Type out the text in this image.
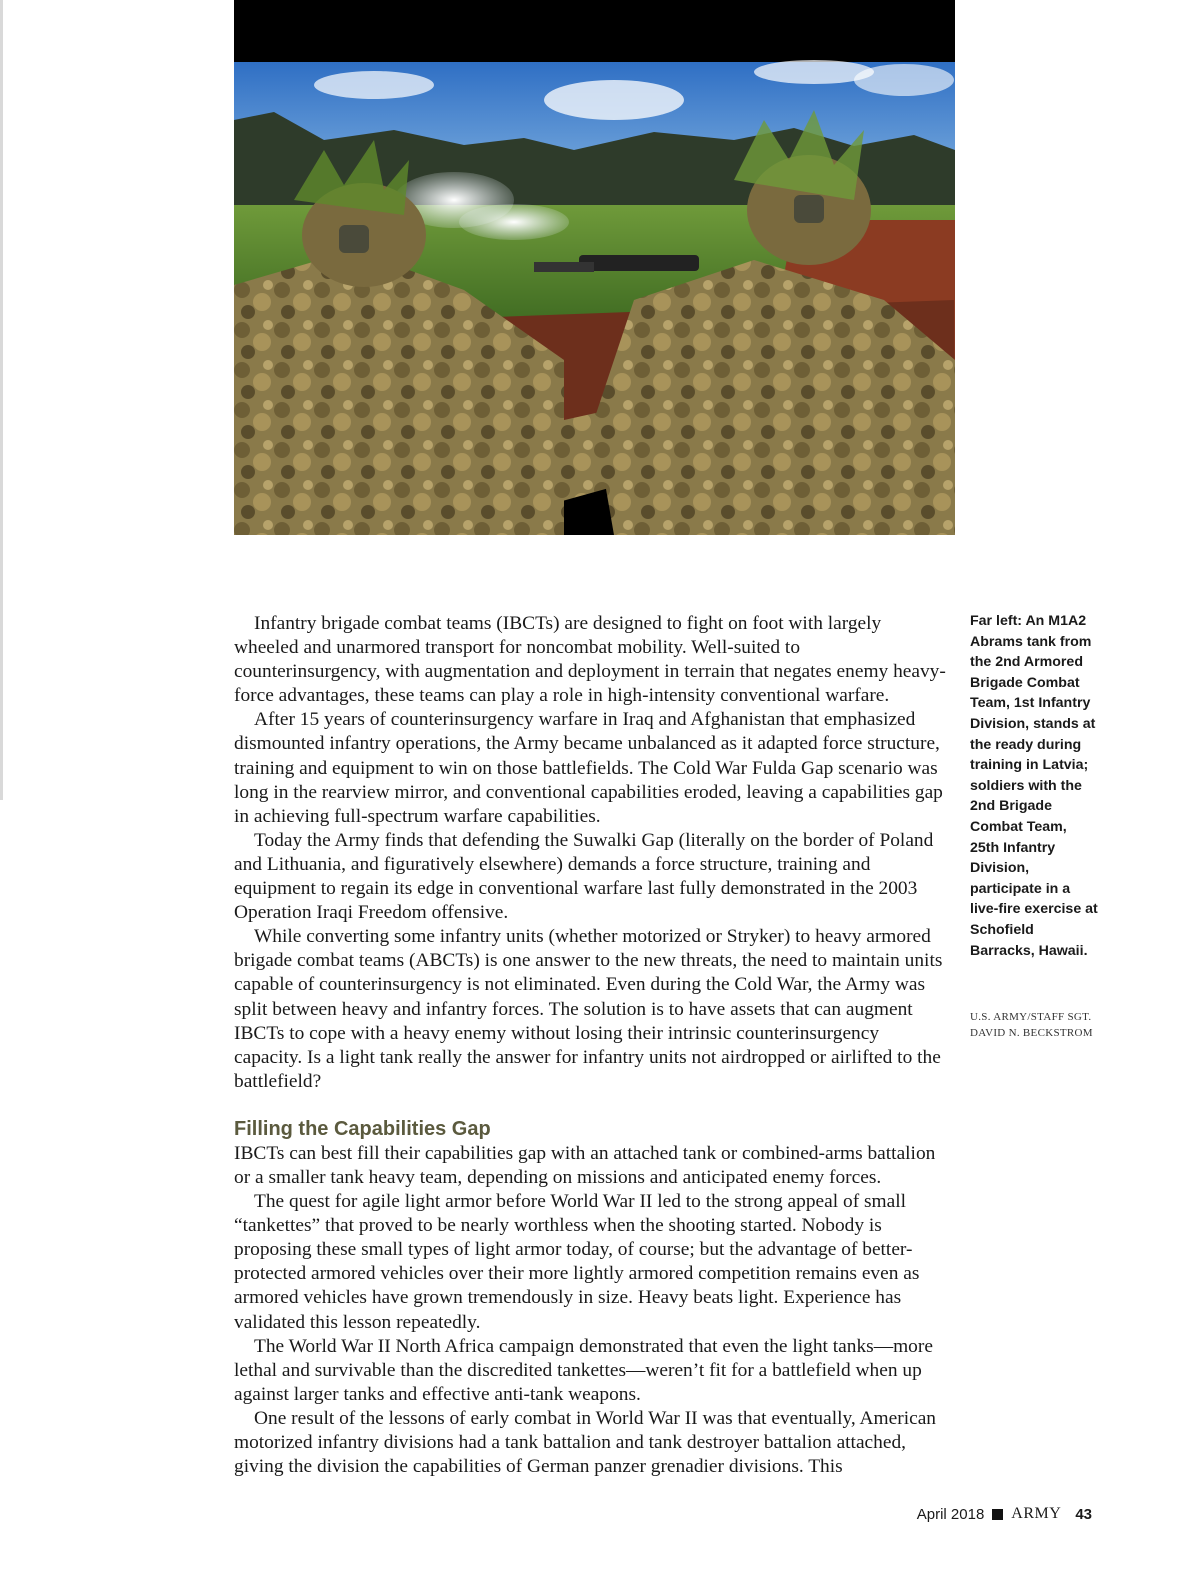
Infantry brigade combat teams (IBCTs) are designed to fight on foot with largely wheeled and unarmored transport for noncombat mobility. Well-suited to counterinsurgency, with augmentation and deployment in terrain that negates enemy heavy-force advantages, these teams can play a role in high-intensity conventional warfare.

After 15 years of counterinsurgency warfare in Iraq and Afghanistan that emphasized dismounted infantry operations, the Army became unbalanced as it adapted force structure, training and equipment to win on those battlefields. The Cold War Fulda Gap scenario was long in the rearview mirror, and conventional capabilities eroded, leaving a capabilities gap in achieving full-spectrum warfare capabilities.

Today the Army finds that defending the Suwalki Gap (literally on the border of Poland and Lithuania, and figuratively elsewhere) demands a force structure, training and equipment to regain its edge in conventional warfare last fully demonstrated in the 2003 Operation Iraqi Freedom offensive.

While converting some infantry units (whether motorized or Stryker) to heavy armored brigade combat teams (ABCTs) is one answer to the new threats, the need to maintain units capable of counterinsurgency is not eliminated. Even during the Cold War, the Army was split between heavy and infantry forces. The solution is to have assets that can augment IBCTs to cope with a heavy enemy without losing their intrinsic counterinsurgency capacity. Is a light tank really the answer for infantry units not airdropped or airlifted to the battlefield?

Filling the Capabilities Gap

IBCTs can best fill their capabilities gap with an attached tank or combined-arms battalion or a smaller tank heavy team, depending on missions and anticipated enemy forces.

The quest for agile light armor before World War II led to the strong appeal of small “tankettes” that proved to be nearly worthless when the shooting started. Nobody is proposing these small types of light armor today, of course; but the advantage of better-protected armored vehicles over their more lightly armored competition remains even as armored vehicles have grown tremendously in size. Heavy beats light. Experience has validated this lesson repeatedly.

The World War II North Africa campaign demonstrated that even the light tanks—more lethal and survivable than the discredited tankettes—weren’t fit for a battlefield when up against larger tanks and effective anti-tank weapons.

One result of the lessons of early combat in World War II was that eventually, American motorized infantry divisions had a tank battalion and tank destroyer battalion attached, giving the division the capabilities of German panzer grenadier divisions. This

Far left: An M1A2 Abrams tank from the 2nd Armored Brigade Combat Team, 1st Infantry Division, stands at the ready during training in Latvia; soldiers with the 2nd Brigade Combat Team, 25th Infantry Division, participate in a live-fire exercise at Schofield Barracks, Hawaii.
U.S. ARMY/STAFF SGT. DAVID N. BECKSTROM
April 2018 ARMY 43
